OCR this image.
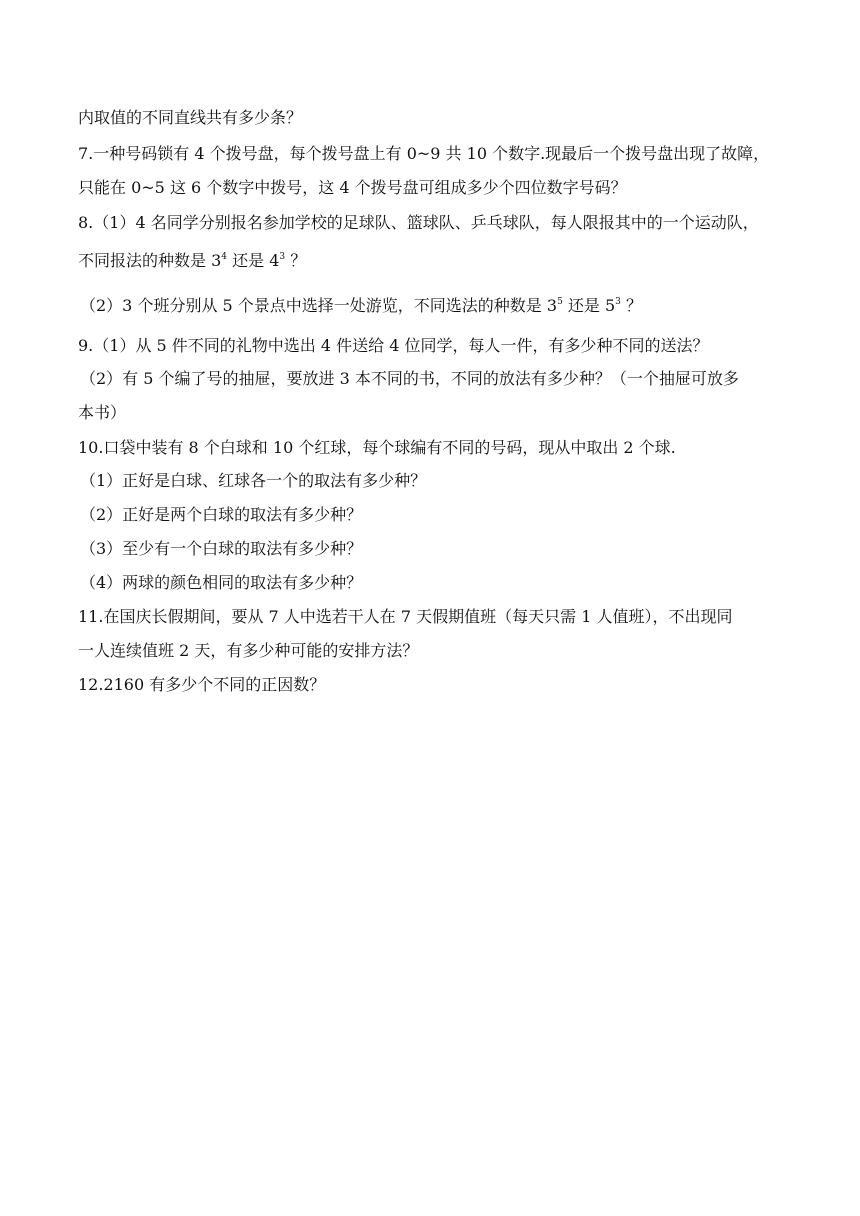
内取值的不同直线共有多少条？
7.一种号码锁有 4 个拨号盘，每个拨号盘上有 0~9 共 10 个数字.现最后一个拨号盘出现了故障，
只能在 0~5 这 6 个数字中拨号，这 4 个拨号盘可组成多少个四位数字号码？
8.（1）4 名同学分别报名参加学校的足球队、篮球队、乒乓球队，每人限报其中的一个运动队，
不同报法的种数是 $3^4$ 还是 $4^3$ ？
（2）3 个班分别从 5 个景点中选择一处游览，不同选法的种数是 $3^5$ 还是 $5^3$ ？
9.（1）从 5 件不同的礼物中选出 4 件送给 4 位同学，每人一件，有多少种不同的送法？
（2）有 5 个编了号的抽屉，要放进 3 本不同的书，不同的放法有多少种？（一个抽屉可放多
本书）
10.口袋中装有 8 个白球和 10 个红球，每个球编有不同的号码，现从中取出 2 个球.
（1）正好是白球、红球各一个的取法有多少种？
（2）正好是两个白球的取法有多少种？
（3）至少有一个白球的取法有多少种？
（4）两球的颜色相同的取法有多少种？
11.在国庆长假期间，要从 7 人中选若干人在 7 天假期值班（每天只需 1 人值班），不出现同
一人连续值班 2 天，有多少种可能的安排方法？
12.2160 有多少个不同的正因数？
